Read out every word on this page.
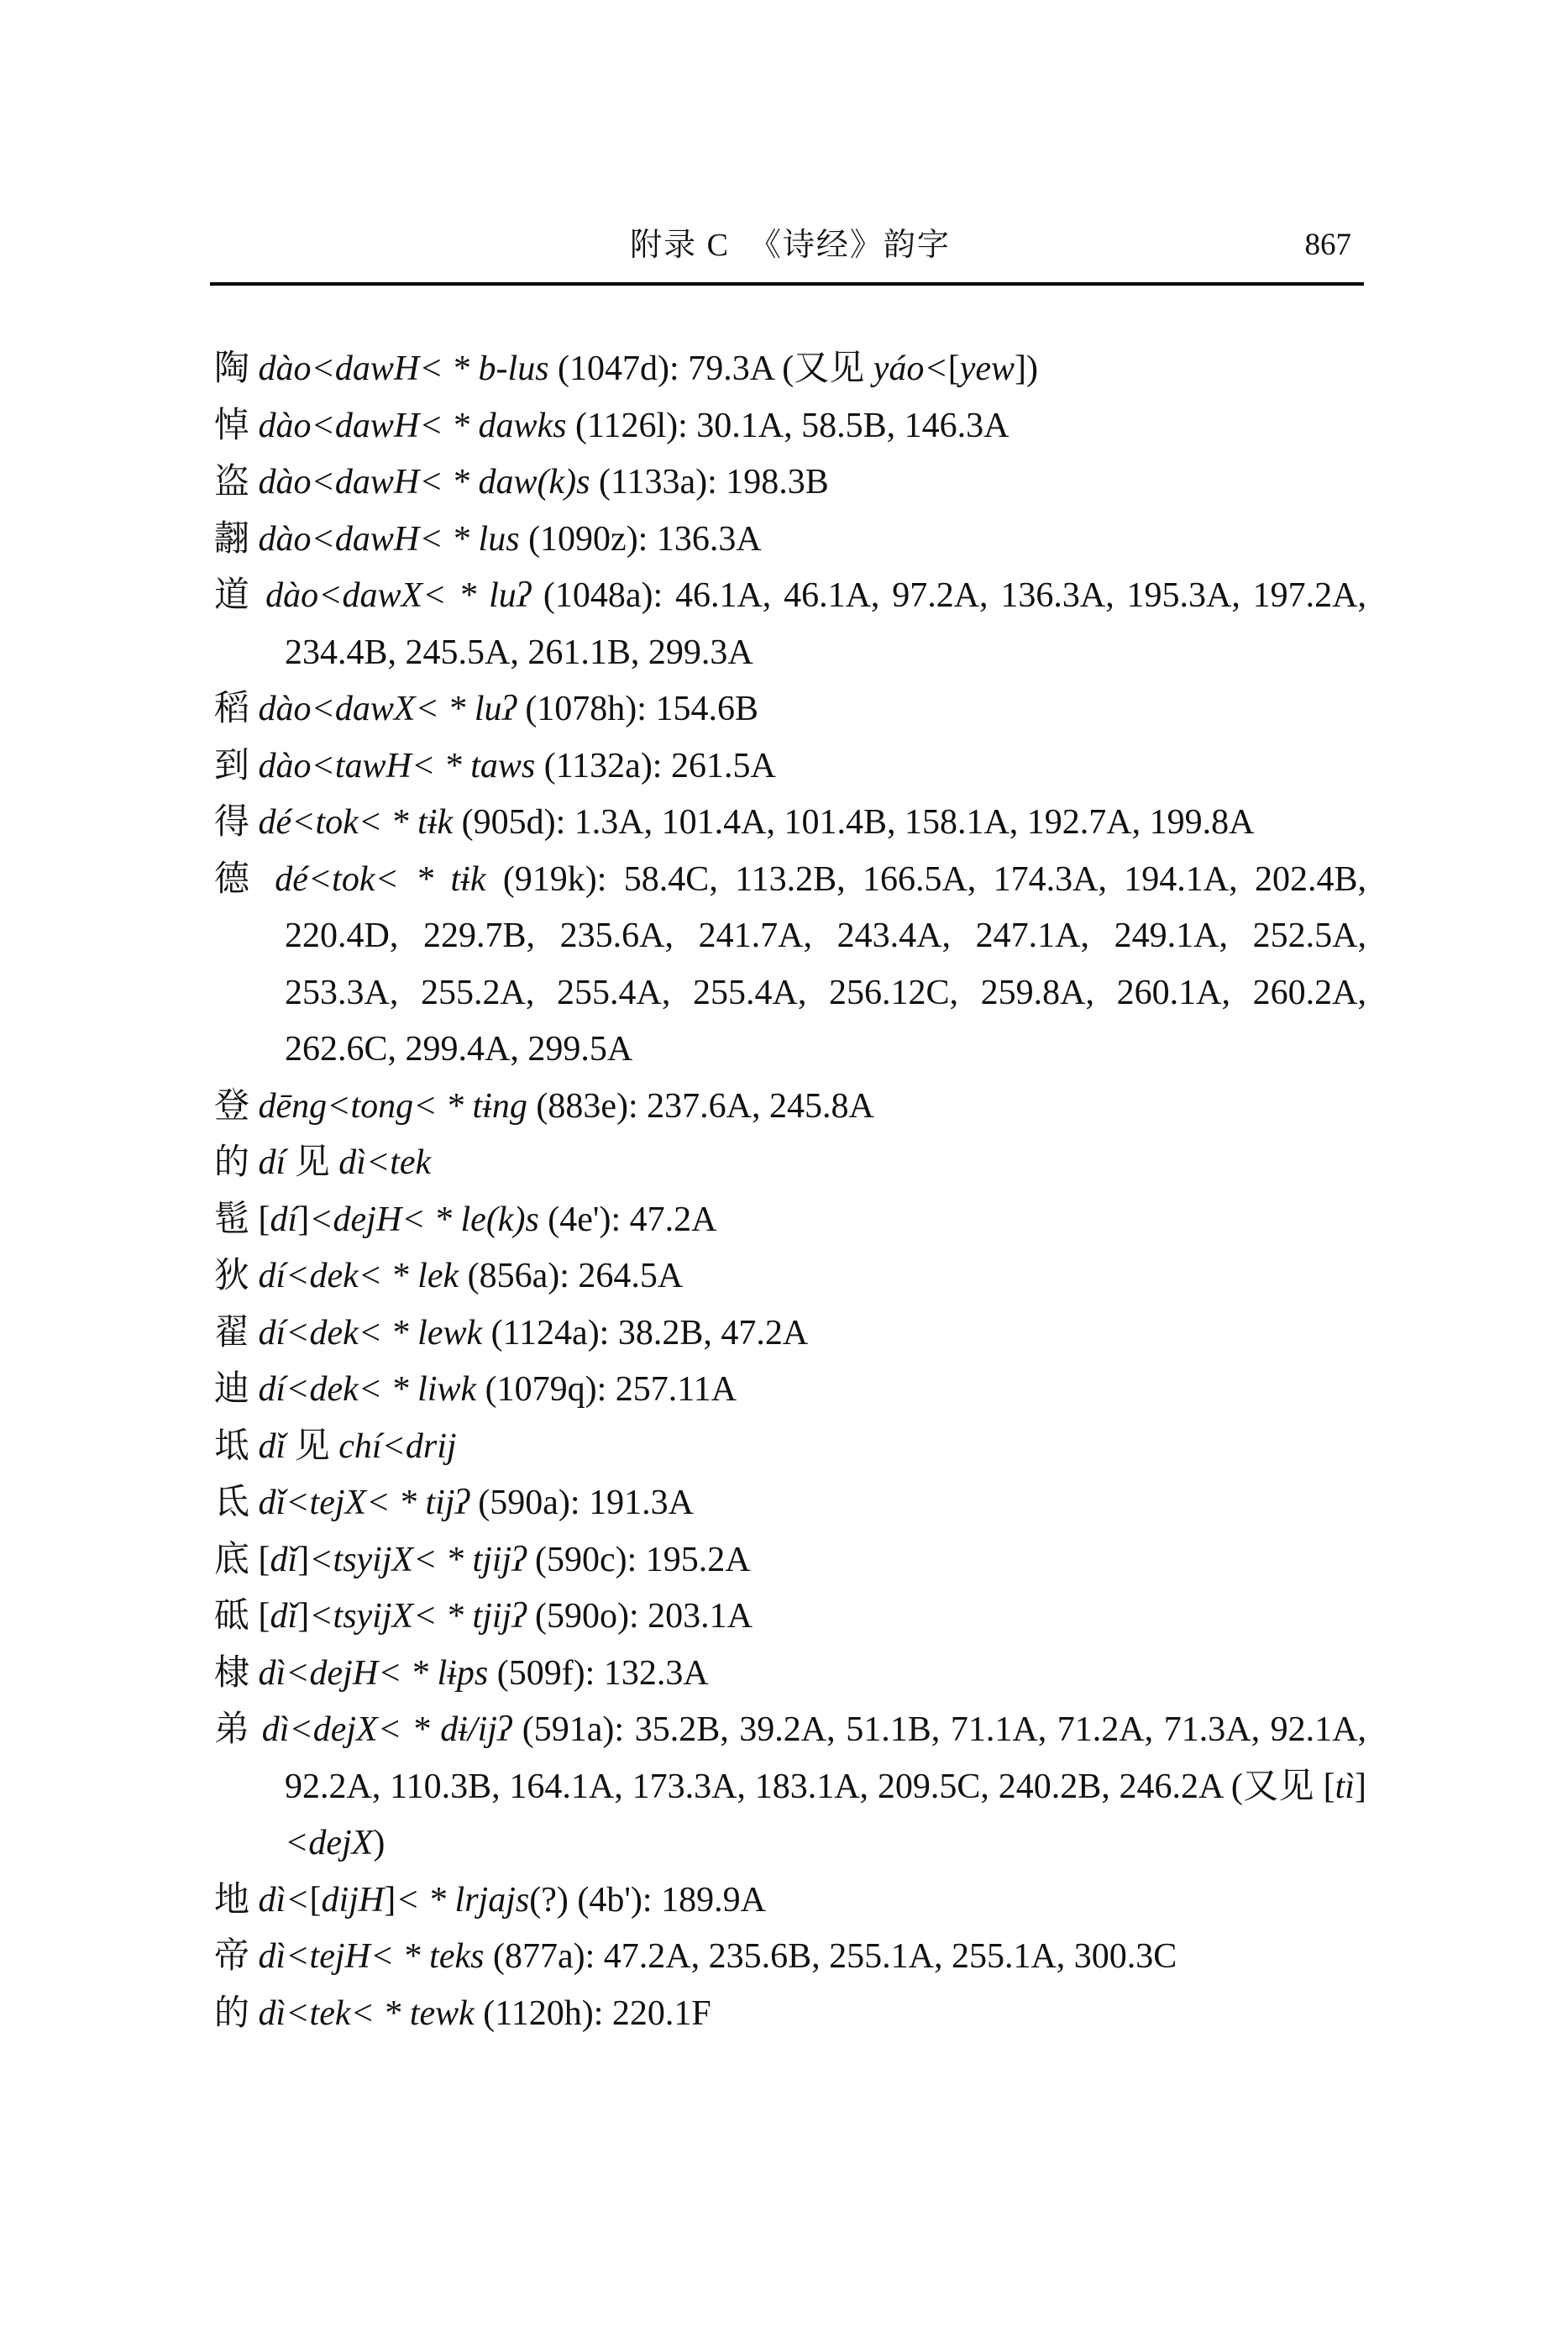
附录 C  《诗经》韵字	867
陶 dào<dawH< * b-lus (1047d): 79.3A (又见 yáo<[yew])
悼 dào<dawH< * dawks (1126l): 30.1A, 58.5B, 146.3A
盗 dào<dawH< * daw(k)s (1133a): 198.3B
翿 dào<dawH< * lus (1090z): 136.3A
道 dào<dawX< * luʔ (1048a): 46.1A, 46.1A, 97.2A, 136.3A, 195.3A, 197.2A, 234.4B, 245.5A, 261.1B, 299.3A
稻 dào<dawX< * luʔ (1078h): 154.6B
到 dào<tawH< * taws (1132a): 261.5A
得 dé<tok< * tɨk (905d): 1.3A, 101.4A, 101.4B, 158.1A, 192.7A, 199.8A
德 dé<tok< * tɨk (919k): 58.4C, 113.2B, 166.5A, 174.3A, 194.1A, 202.4B, 220.4D, 229.7B, 235.6A, 241.7A, 243.4A, 247.1A, 249.1A, 252.5A, 253.3A, 255.2A, 255.4A, 255.4A, 256.12C, 259.8A, 260.1A, 260.2A, 262.6C, 299.4A, 299.5A
登 dēng<tong< * tɨng (883e): 237.6A, 245.8A
的 dí 见 dì<tek
髢 [dí]<dejH< * le(k)s (4e'): 47.2A
狄 dí<dek< * lek (856a): 264.5A
翟 dí<dek< * lewk (1124a): 38.2B, 47.2A
迪 dí<dek< * liwk (1079q): 257.11A
坻 dǐ 见 chí<drij
氐 dǐ<tejX< * tijʔ (590a): 191.3A
底 [dǐ]<tsyijX< * tjijʔ (590c): 195.2A
砥 [dǐ]<tsyijX< * tjijʔ (590o): 203.1A
棣 dì<dejH< * lɨps (509f): 132.3A
弟 dì<dejX< * dɨ/ijʔ (591a): 35.2B, 39.2A, 51.1B, 71.1A, 71.2A, 71.3A, 92.1A, 92.2A, 110.3B, 164.1A, 173.3A, 183.1A, 209.5C, 240.2B, 246.2A (又见 [tì]<dejX)
地 dì<[dijH]< * lrjajs(?) (4b'): 189.9A
帝 dì<tejH< * teks (877a): 47.2A, 235.6B, 255.1A, 255.1A, 300.3C
的 dì<tek< * tewk (1120h): 220.1F
